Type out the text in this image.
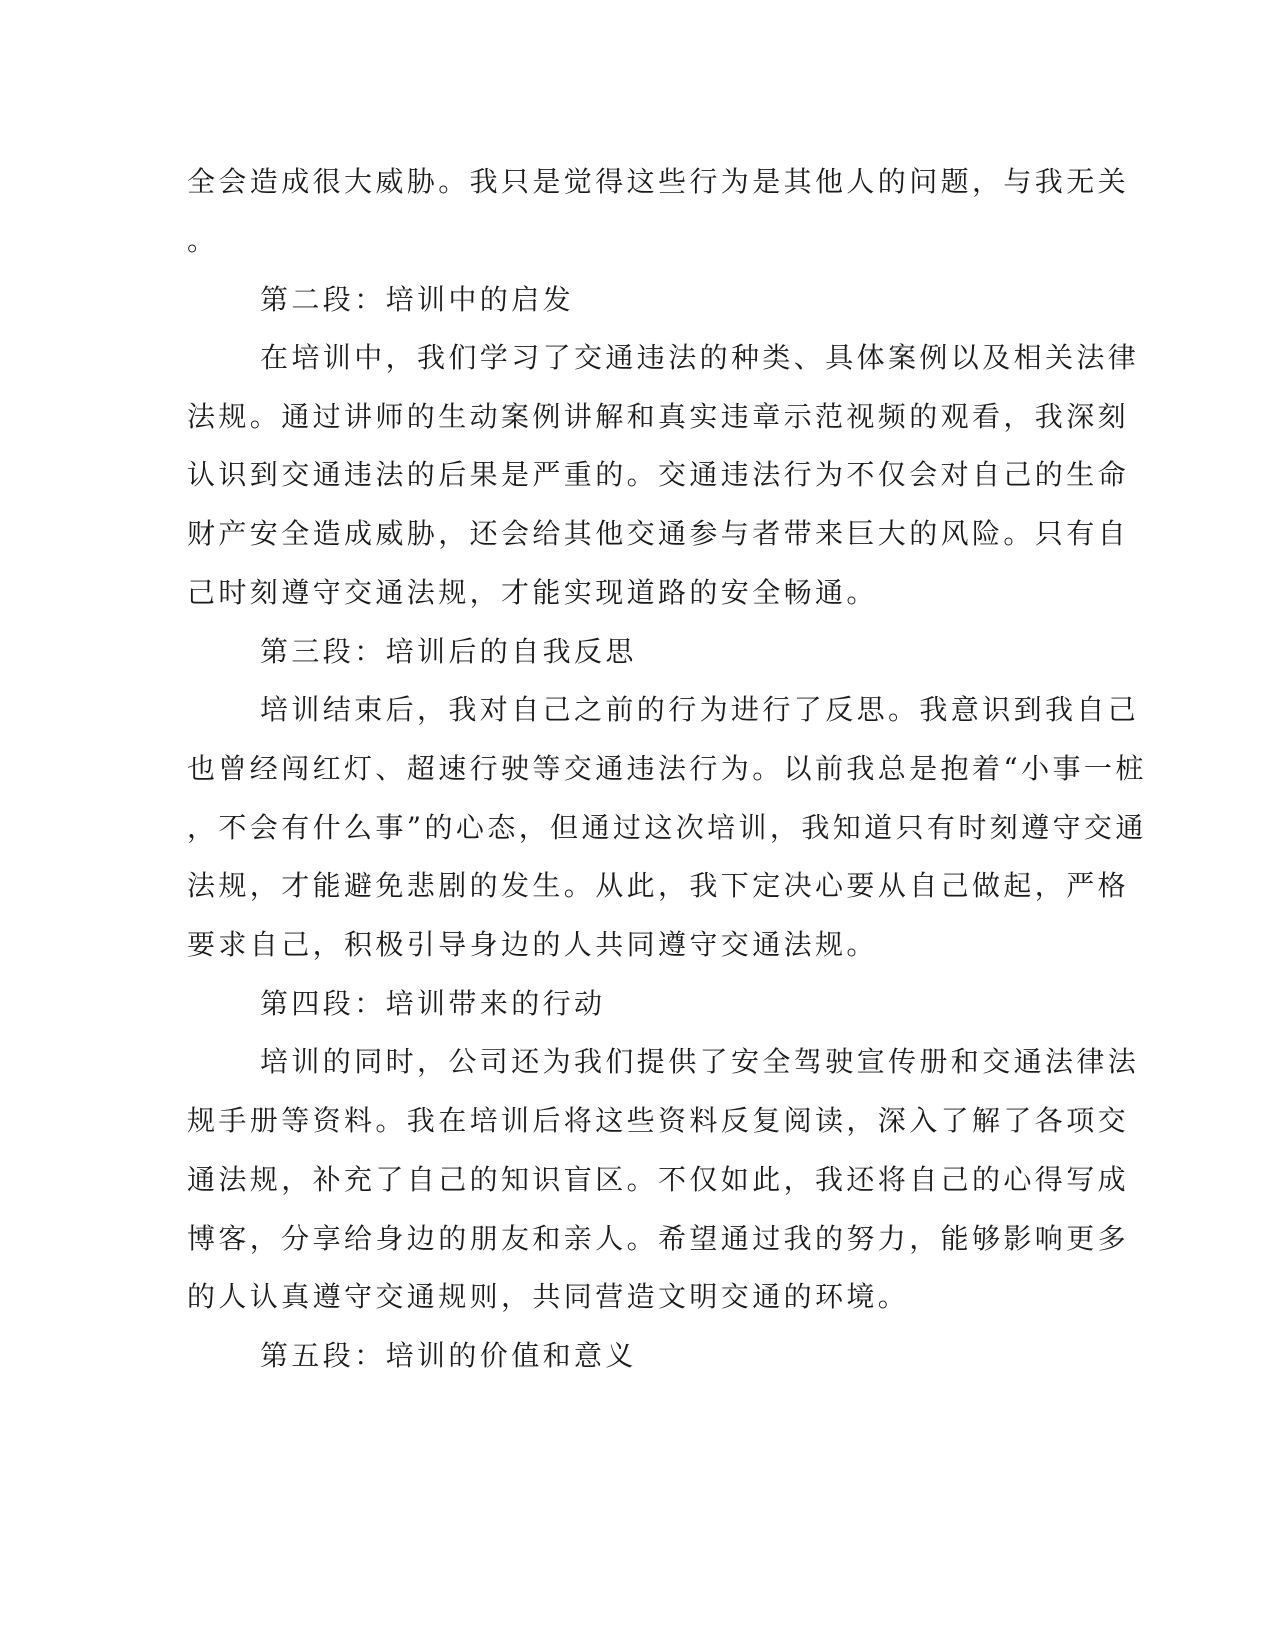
全会造成很大威胁。我只是觉得这些行为是其他人的问题，与我无关
。
第二段：培训中的启发
在培训中，我们学习了交通违法的种类、具体案例以及相关法律
法规。通过讲师的生动案例讲解和真实违章示范视频的观看，我深刻
认识到交通违法的后果是严重的。交通违法行为不仅会对自己的生命
财产安全造成威胁，还会给其他交通参与者带来巨大的风险。只有自
己时刻遵守交通法规，才能实现道路的安全畅通。
第三段：培训后的自我反思
培训结束后，我对自己之前的行为进行了反思。我意识到我自己
也曾经闯红灯、超速行驶等交通违法行为。以前我总是抱着“小事一桩
，不会有什么事”的心态，但通过这次培训，我知道只有时刻遵守交通
法规，才能避免悲剧的发生。从此，我下定决心要从自己做起，严格
要求自己，积极引导身边的人共同遵守交通法规。
第四段：培训带来的行动
培训的同时，公司还为我们提供了安全驾驶宣传册和交通法律法
规手册等资料。我在培训后将这些资料反复阅读，深入了解了各项交
通法规，补充了自己的知识盲区。不仅如此，我还将自己的心得写成
博客，分享给身边的朋友和亲人。希望通过我的努力，能够影响更多
的人认真遵守交通规则，共同营造文明交通的环境。
第五段：培训的价值和意义
